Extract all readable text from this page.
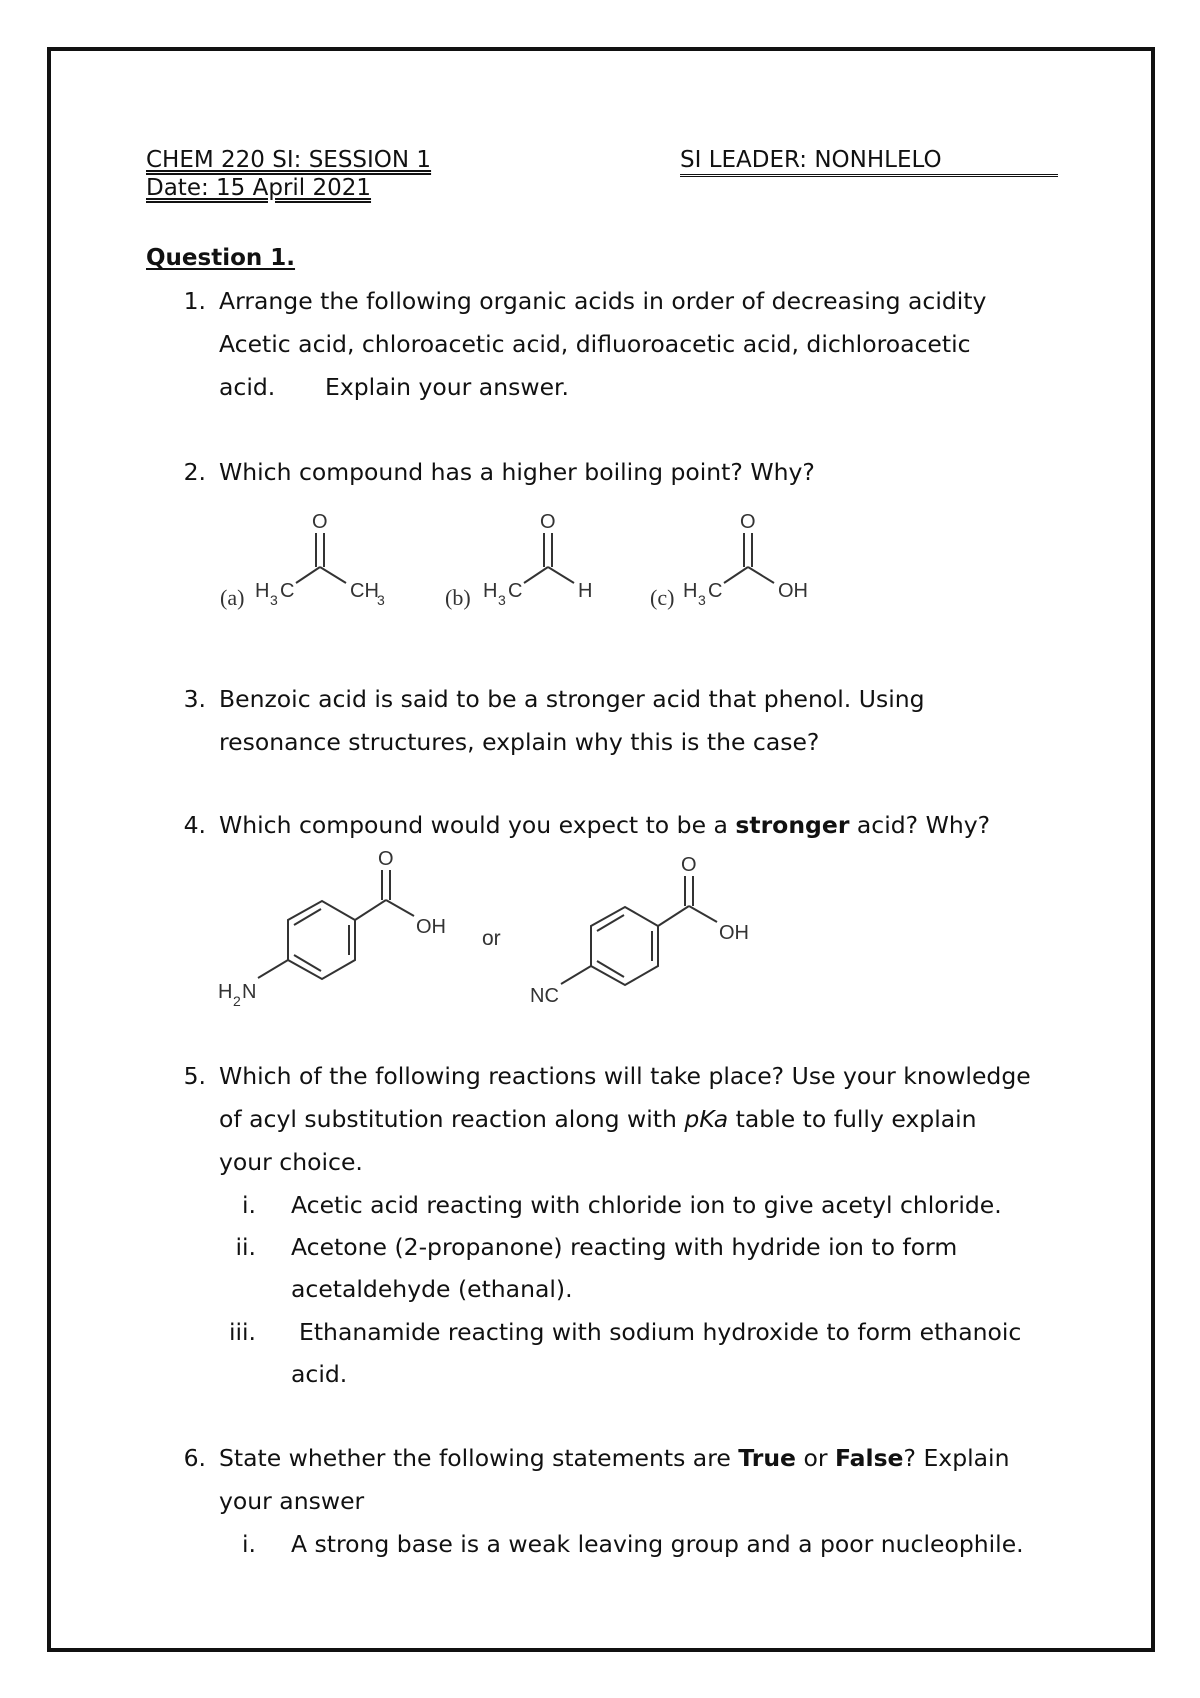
CHEM 220 SI: SESSION 1	SI LEADER: NONHLELO
Date: 15 April 2021
Question 1.
1. Arrange the following organic acids in order of decreasing acidity
Acetic acid, chloroacetic acid, difluoroacetic acid, dichloroacetic
acid. Explain your answer.
2. Which compound has a higher boiling point? Why?
(a) H 3 C	CH
3
O
(b) H 3 C	H
O
(c) H 3 C	OH
O
3. Benzoic acid is said to be a stronger acid that phenol. Using
resonance structures, explain why this is the case?
4. Which compound would you expect to be a stronger acid? Why?
O
OH
H 2 N
or
O
OH
NC
5. Which of the following reactions will take place? Use your knowledge
of acyl substitution reaction along with pKa table to fully explain
your choice.
i. Acetic acid reacting with chloride ion to give acetyl chloride.
ii. Acetone (2-propanone) reacting with hydride ion to form
acetaldehyde (ethanal).
iii. Ethanamide reacting with sodium hydroxide to form ethanoic
acid.
6. State whether the following statements are True or False? Explain
your answer
i. A strong base is a weak leaving group and a poor nucleophile.
